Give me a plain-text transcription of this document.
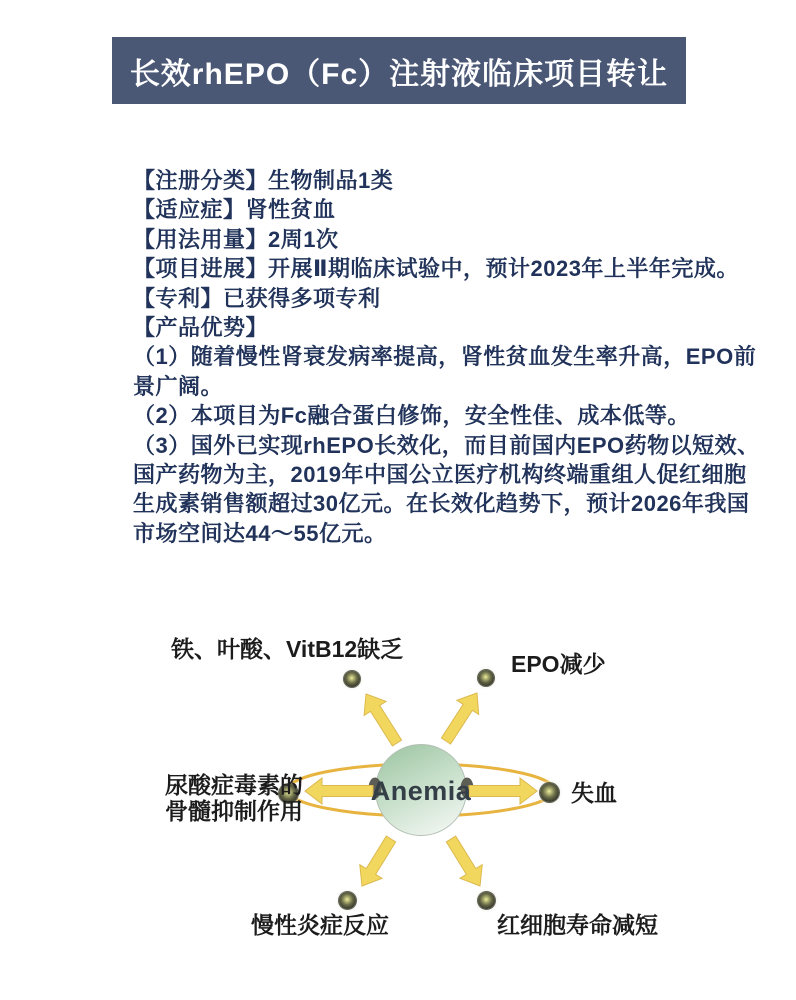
长效rhEPO（Fc）注射液临床项目转让
【注册分类】生物制品1类
【适应症】肾性贫血
【用法用量】2周1次
【项目进展】开展Ⅱ期临床试验中，预计2023年上半年完成。
【专利】已获得多项专利
【产品优势】
（1）随着慢性肾衰发病率提高，肾性贫血发生率升高，EPO前
景广阔。
（2）本项目为Fc融合蛋白修饰，安全性佳、成本低等。
（3）国外已实现rhEPO长效化，而目前国内EPO药物以短效、
国产药物为主，2019年中国公立医疗机构终端重组人促红细胞
生成素销售额超过30亿元。在长效化趋势下，预计2026年我国
市场空间达44～55亿元。
Anemia
铁、叶酸、VitB12缺乏
EPO减少
尿酸症毒素的
骨髓抑制作用
失血
慢性炎症反应	红细胞寿命减短
